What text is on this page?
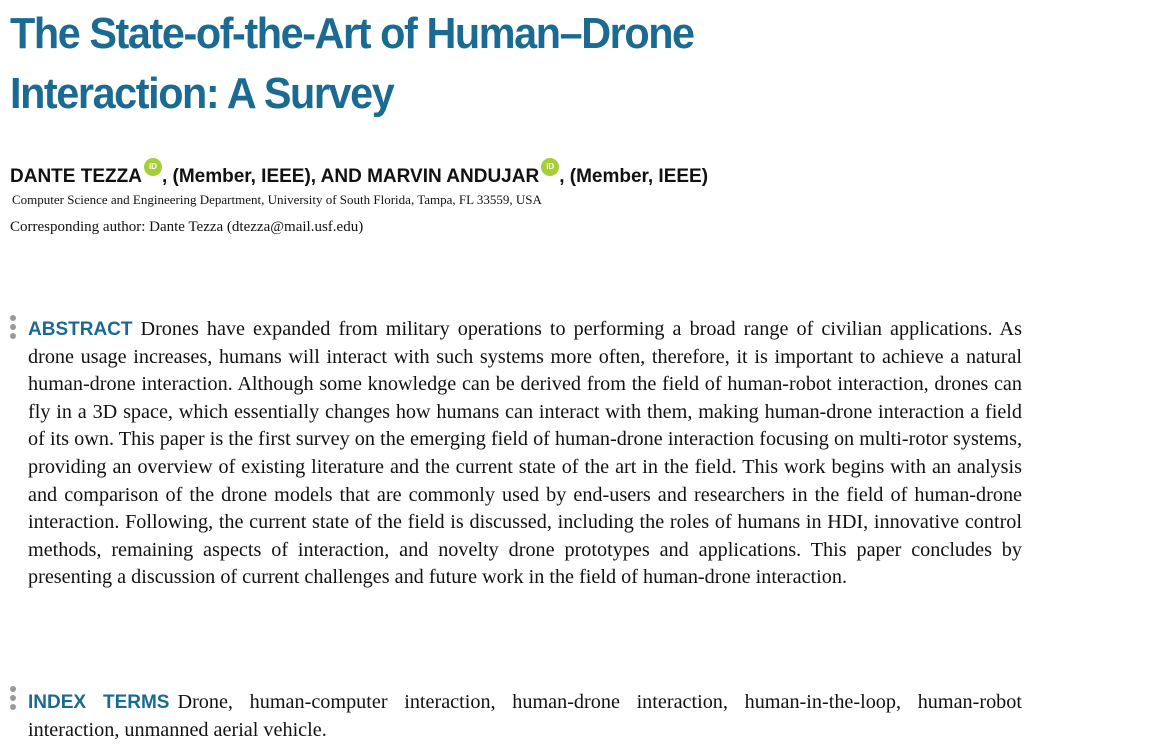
The State-of-the-Art of Human–Drone
Interaction: A Survey
DANTE TEZZA iD , (Member, IEEE), AND MARVIN ANDUJAR iD , (Member, IEEE)
Computer Science and Engineering Department, University of South Florida, Tampa, FL 33559, USA
Corresponding author: Dante Tezza (dtezza@mail.usf.edu)

ABSTRACT Drones have expanded from military operations to performing a broad range of civilian applications. As drone usage increases, humans will interact with such systems more often, therefore, it is important to achieve a natural human-drone interaction. Although some knowledge can be derived from the field of human-robot interaction, drones can fly in a 3D space, which essentially changes how humans can interact with them, making human-drone interaction a field of its own. This paper is the first survey on the emerging field of human-drone interaction focusing on multi-rotor systems, providing an overview of existing literature and the current state of the art in the field. This work begins with an analysis and comparison of the drone models that are commonly used by end-users and researchers in the field of human-drone interaction. Following, the current state of the field is discussed, including the roles of humans in HDI, innovative control methods, remaining aspects of interaction, and novelty drone prototypes and applications. This paper concludes by presenting a discussion of current challenges and future work in the field of human-drone interaction.

INDEX TERMS Drone, human-computer interaction, human-drone interaction, human-in-the-loop, human-robot interaction, unmanned aerial vehicle.
